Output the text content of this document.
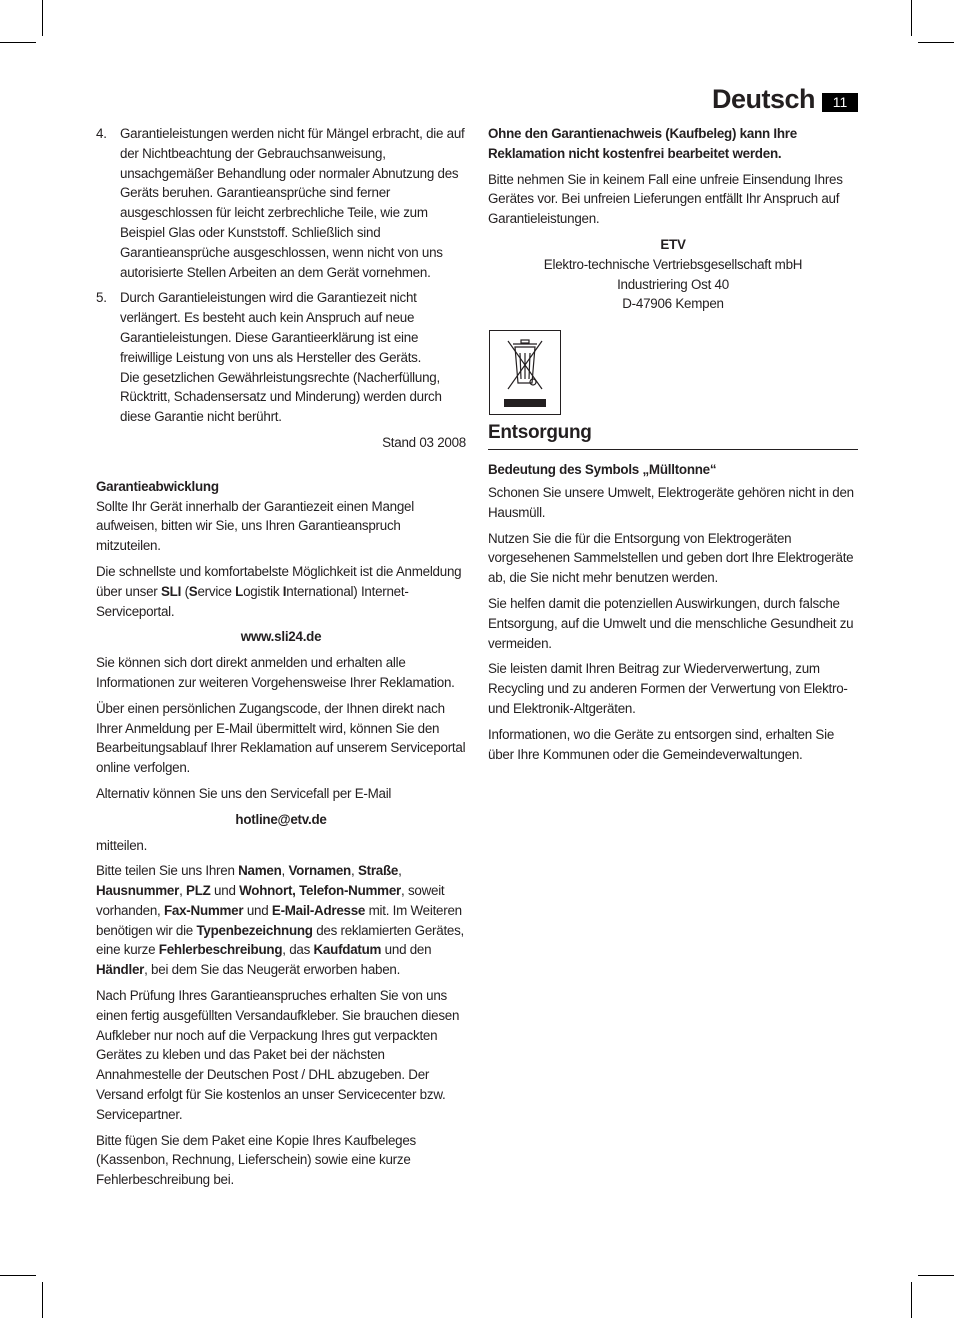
Deutsch	11
4. Garantieleistungen werden nicht für Mängel erbracht, die auf der Nichtbeachtung der Gebrauchsanweisung, unsachgemäßer Behandlung oder normaler Abnutzung des Geräts beruhen. Garantieansprüche sind ferner ausgeschlossen für leicht zerbrechliche Teile, wie zum Beispiel Glas oder Kunststoff. Schließlich sind Garantieansprüche ausgeschlossen, wenn nicht von uns autorisierte Stellen Arbeiten an dem Gerät vornehmen.
5. Durch Garantieleistungen wird die Garantiezeit nicht verlängert. Es besteht auch kein Anspruch auf neue Garantieleistungen. Diese Garantieerklärung ist eine freiwillige Leistung von uns als Hersteller des Geräts.
Die gesetzlichen Gewährleistungsrechte (Nacherfüllung, Rücktritt, Schadensersatz und Minderung) werden durch diese Garantie nicht berührt.

Stand 03 2008

Garantieabwicklung

Sollte Ihr Gerät innerhalb der Garantiezeit einen Mangel aufweisen, bitten wir Sie, uns Ihren Garantieanspruch mitzuteilen.

Die schnellste und komfortabelste Möglichkeit ist die Anmeldung über unser SLI (Service Logistik International) Internet-Serviceportal.

www.sli24.de

Sie können sich dort direkt anmelden und erhalten alle Informationen zur weiteren Vorgehensweise Ihrer Reklamation.

Über einen persönlichen Zugangscode, der Ihnen direkt nach Ihrer Anmeldung per E-Mail übermittelt wird, können Sie den Bearbeitungsablauf Ihrer Reklamation auf unserem Serviceportal online verfolgen.

Alternativ können Sie uns den Servicefall per E-Mail

hotline@etv.de

mitteilen.

Bitte teilen Sie uns Ihren Namen, Vornamen, Straße, Hausnummer, PLZ und Wohnort, Telefon-Nummer, soweit vorhanden, Fax-Nummer und E-Mail-Adresse mit. Im Weiteren benötigen wir die Typenbezeichnung des reklamierten Gerätes, eine kurze Fehlerbeschreibung, das Kaufdatum und den Händler, bei dem Sie das Neugerät erworben haben.

Nach Prüfung Ihres Garantieanspruches erhalten Sie von uns einen fertig ausgefüllten Versandaufkleber. Sie brauchen diesen Aufkleber nur noch auf die Verpackung Ihres gut verpackten Gerätes zu kleben und das Paket bei der nächsten Annahmestelle der Deutschen Post / DHL abzugeben. Der Versand erfolgt für Sie kostenlos an unser Servicecenter bzw. Servicepartner.

Bitte fügen Sie dem Paket eine Kopie Ihres Kaufbeleges (Kassenbon, Rechnung, Lieferschein) sowie eine kurze Fehlerbeschreibung bei.

Ohne den Garantienachweis (Kaufbeleg) kann Ihre Reklamation nicht kostenfrei bearbeitet werden.

Bitte nehmen Sie in keinem Fall eine unfreie Einsendung Ihres Gerätes vor. Bei unfreien Lieferungen entfällt Ihr Anspruch auf Garantieleistungen.

ETV

Elektro-technische Vertriebsgesellschaft mbH
Industriering Ost 40
D-47906 Kempen
Entsorgung

Bedeutung des Symbols „Mülltonne“

Schonen Sie unsere Umwelt, Elektrogeräte gehören nicht in den Hausmüll.

Nutzen Sie die für die Entsorgung von Elektrogeräten vorgesehenen Sammelstellen und geben dort Ihre Elektrogeräte ab, die Sie nicht mehr benutzen werden.

Sie helfen damit die potenziellen Auswirkungen, durch falsche Entsorgung, auf die Umwelt und die menschliche Gesundheit zu vermeiden.

Sie leisten damit Ihren Beitrag zur Wiederverwertung, zum Recycling und zu anderen Formen der Verwertung von Elektro- und Elektronik-Altgeräten.

Informationen, wo die Geräte zu entsorgen sind, erhalten Sie über Ihre Kommunen oder die Gemeindeverwaltungen.
